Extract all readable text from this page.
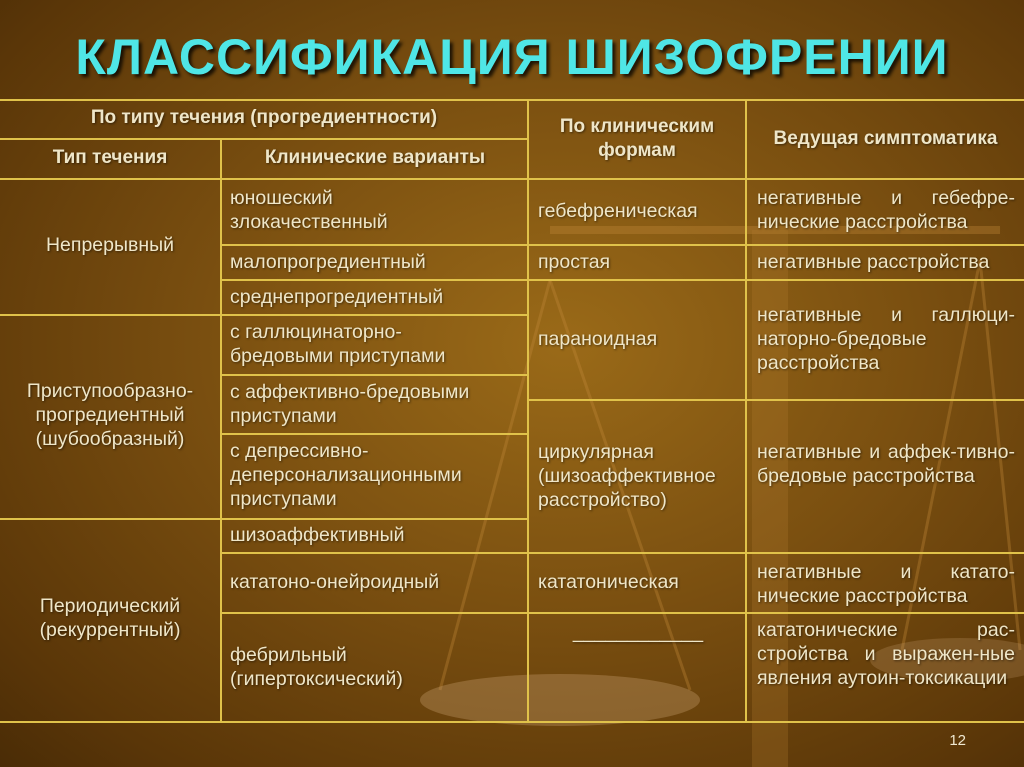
КЛАССИФИКАЦИЯ ШИЗОФРЕНИИ
По типу течения (прогредиентности)
Тип течения	Клинические варианты
По клиническим формам
Ведущая симптоматика
Непрерывный
Приступообразно-прогредиентный (шубообразный)
Периодический (рекуррентный)
юношеский злокачественный
малопрогредиентный
среднепрогредиентный
с галлюцинаторно-бредовыми приступами
с аффективно-бредовыми приступами
с депрессивно-деперсонализационными приступами
шизоаффективный
кататоно-онейроидный
фебрильный (гипертоксический)
гебефреническая
простая
параноидная
циркулярная (шизоаффективное расстройство)
кататоническая
____________
негативные и гебефре-нические расстройства
негативные расстройства
негативные и галлюци-наторно-бредовые расстройства
негативные и аффек-тивно-бредовые расстройства
негативные и катато-нические расстройства
кататонические рас-стройства и выражен-ные явления аутоин-токсикации
12
